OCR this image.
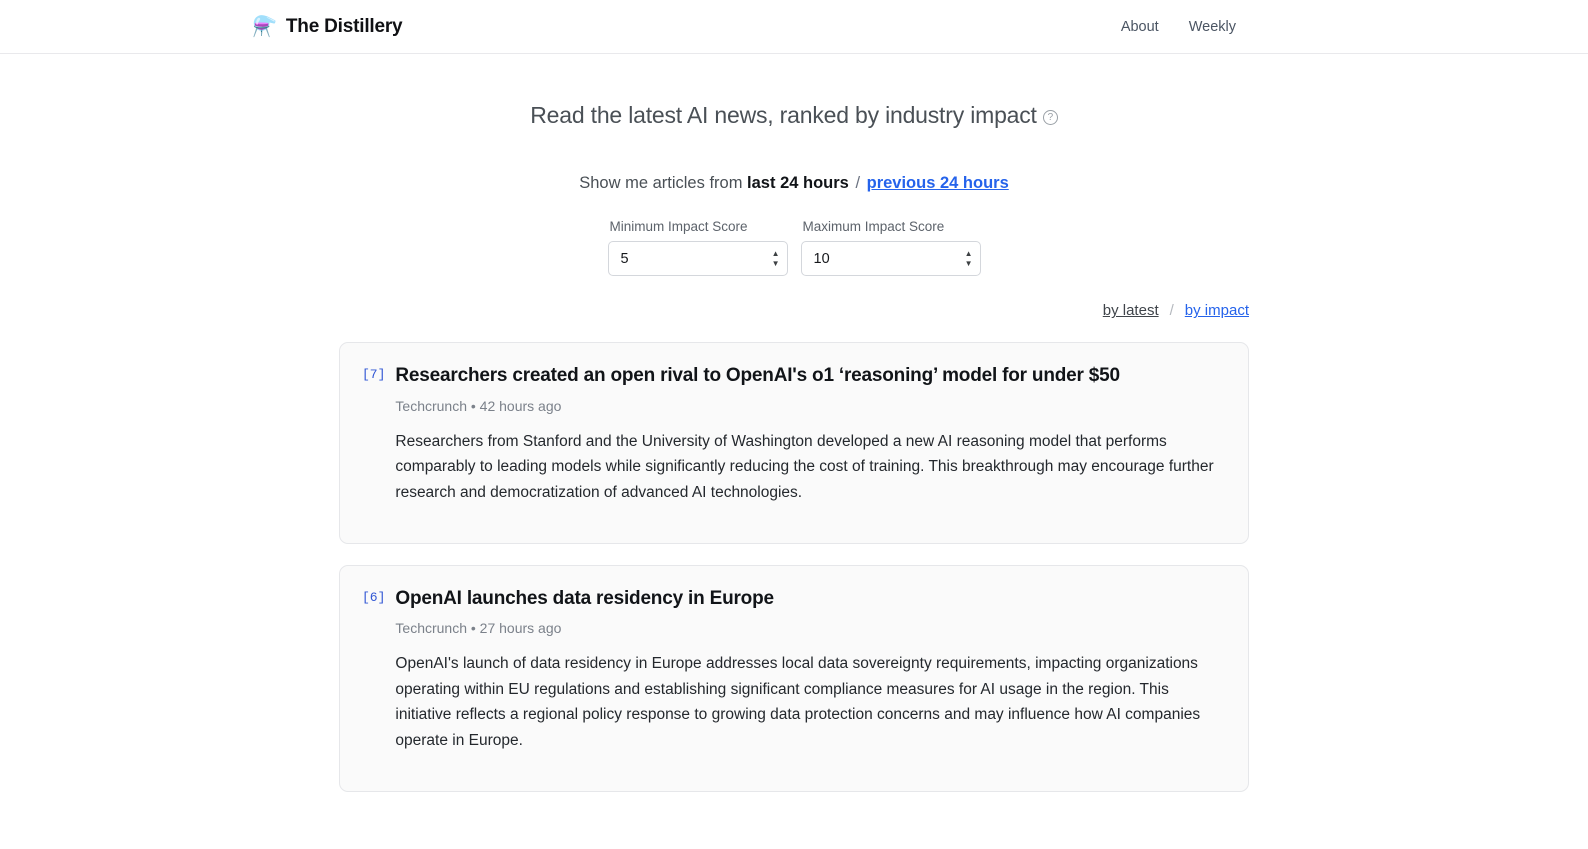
⚗️ The Distillery	About Weekly
Read the latest AI news, ranked by industry impact	?
Show me articles from last 24 hours / previous 24 hours
Minimum Impact Score
5
▲
▼
Maximum Impact Score
10
▲
▼
by latest / by impact
[7] Researchers created an open rival to OpenAI's o1 ‘reasoning’ model for under $50
Techcrunch • 42 hours ago

Researchers from Stanford and the University of Washington developed a new AI reasoning model that performs comparably to leading models while significantly reducing the cost of training. This breakthrough may encourage further research and democratization of advanced AI technologies.

[6] OpenAI launches data residency in Europe
Techcrunch • 27 hours ago

OpenAI's launch of data residency in Europe addresses local data sovereignty requirements, impacting organizations operating within EU regulations and establishing significant compliance measures for AI usage in the region. This initiative reflects a regional policy response to growing data protection concerns and may influence how AI companies operate in Europe.
